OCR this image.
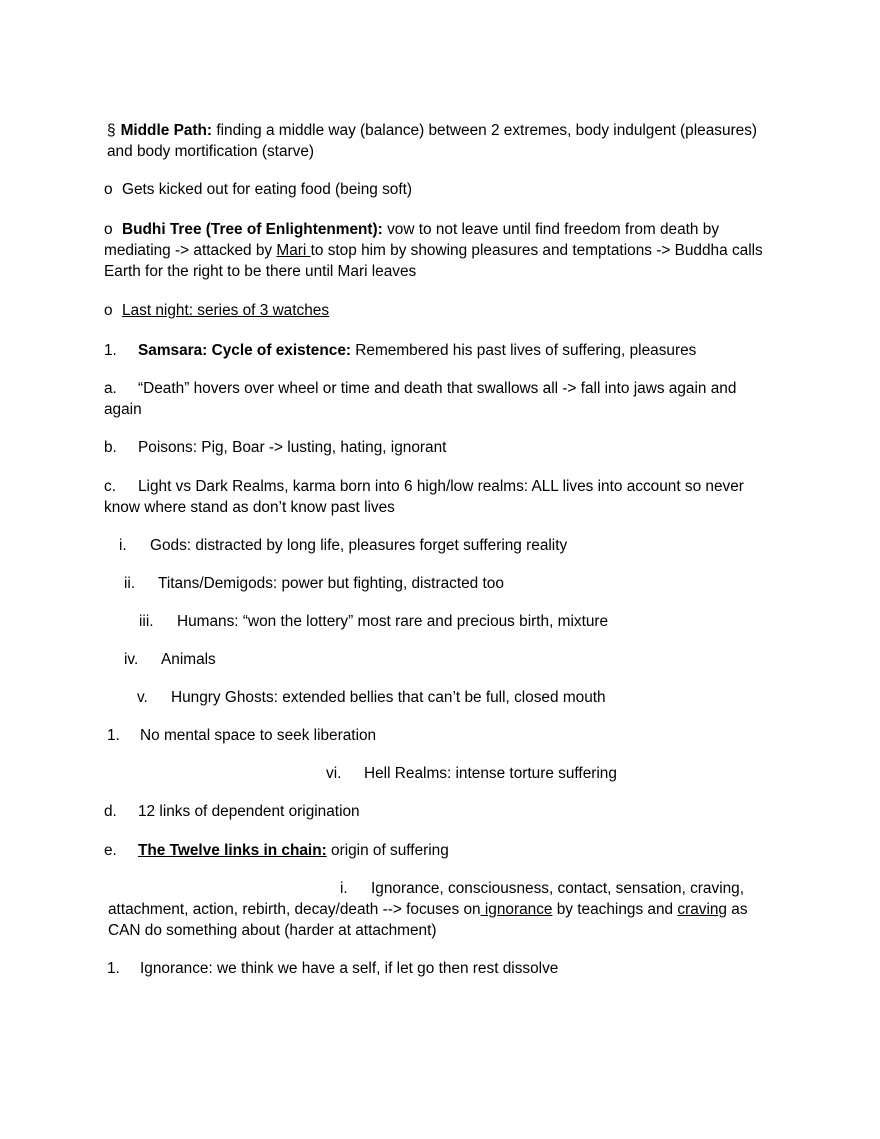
§ Middle Path: finding a middle way (balance) between 2 extremes, body indulgent (pleasures) and body mortification (starve)

o Gets kicked out for eating food (being soft)

o Budhi Tree (Tree of Enlightenment): vow to not leave until find freedom from death by mediating -> attacked by Mari to stop him by showing pleasures and temptations -> Buddha calls Earth for the right to be there until Mari leaves

o Last night: series of 3 watches

1. Samsara: Cycle of existence: Remembered his past lives of suffering, pleasures

a. “Death” hovers over wheel or time and death that swallows all -> fall into jaws again and again

b. Poisons: Pig, Boar -> lusting, hating, ignorant

c. Light vs Dark Realms, karma born into 6 high/low realms: ALL lives into account so never know where stand as don’t know past lives

i. Gods: distracted by long life, pleasures forget suffering reality

ii. Titans/Demigods: power but fighting, distracted too

iii. Humans: “won the lottery” most rare and precious birth, mixture

iv. Animals

v. Hungry Ghosts: extended bellies that can’t be full, closed mouth

1. No mental space to seek liberation

vi. Hell Realms: intense torture suffering

d. 12 links of dependent origination

e. The Twelve links in chain: origin of suffering

i. Ignorance, consciousness, contact, sensation, craving, attachment, action, rebirth, decay/death --> focuses on ignorance by teachings and craving as CAN do something about (harder at attachment)

1. Ignorance: we think we have a self, if let go then rest dissolve
